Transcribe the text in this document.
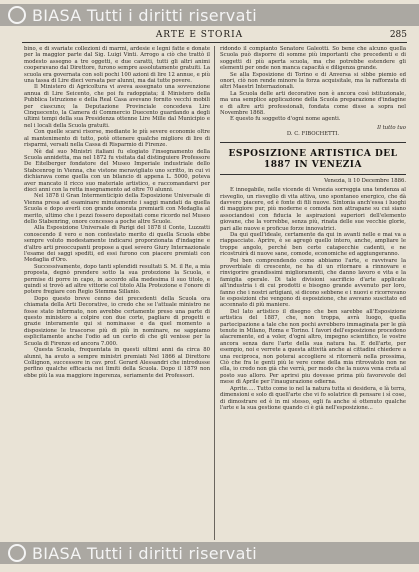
BIASA Tutti i diritti riservati
ARTE E STORIA	285

bino, e di svariate collezioni di marmi, ardesie e legni fatte e donate per la maggior parte dal Sig. Luigi Vinti. Arrogo a ciò che trattò il modesto assegno a tre oggetti, e due caratti, tutti gli altri animi cooperavano dal Direttore, furono sempre assolutamente gratuiti. La scuola era governata con soli pochi 100 azioni di lire 12 annue, e più una tassa di Lire dieci versata per alunni, ma dai tutte povere.

Il Ministero di Agricoltura vi aveva assegnato una sovvenzione annua di Lire Seicento, che poi fu radoppiata; il Ministero della Pubblica Istruzione e della Real Casa avevano fornito vecchi mobili per ciascuno; la Deputazione Provinciale concedeva Lire Cinquecento, la Camera di Commercio Duecento guardando a degli ultimi tempi della sua Presidenza ottenne Lire Mille dal Municipio e nel i locali della Scuola gratuiti.

Con quelle scarsi risorse, mediante le più severe economie oltre al mantenimento di tutto, potè ottenere qualche migliore di lire di risparmi, versati nella Cassa di Risparmio di Firenze.

Nè dal suo Ministri italiani fu elogiato l'insegnamento della Scuola annidetta, ma nel 1872 fu visitata dal distinguiere Professore De Eitelberger fondatore del Museo Imperiale industriale dello Stabcenrog in Vienna, che vistone meravigliato uno scritto, in cui vi dichiarava come quella con un bilancio di appena L. 5000, poteva aver mancato il ricco suo materiale artistico, e raccomandarvi per dieci anni con la retta insegnamento ad oltre 70 alunni.

Nel 1878 il Gran Intermenticipio della Esposizione Universale di Vienna presa ad esaminare minutamente i saggi mandati da quella Scuola e dopo averli con grande onorata premiarli con Medaglia al merito, ultimo che i pezzi fossero depositati come ricordo nel Museo dello Stabenring, onore concesso a poche altre Scuole.

Alla Esposizione Universale di Parigi del 1878 il Conte, Luzzatti conoscendo il vero e non contestato merito di quella Scuola ebbe sempre voluto modestamente indicarsi proporzionata d'indagine e d'altro arti preoccupanti propose a quel severo Giury Internazionale l'esame dei saggi spediti, ed essi furono con piacere premiati con Medaglia d'Oro.

Successivamente, dopo tanti splendidi resultati S. M. il Re, a mia proposta, degnò prendere sotto la sua protezione la Scuola, e permise di porre in capo, in accordo alla medesima il suo titolo, e quindi si trovò ad altre vittorie col titolo Alla Protezione e l'onore di potere fregiare con Regio Stemma Sillanio.

Dopo questo breve cenno dei precedenti della Scuola ora chiamata della Arti Decorative, io credo che se l'attuale ministro ne fosse stato informato, non avrebbe certamente preso una parte di questo ministero a colpire con due corte, pagliare di progetti e grazie interamente qui si nominasse e da quel momento a disposizione le trascorse più di più in nominare, ne sappiamo esplicitamente anche l'odio ad un certo dì che gli venisse per la Scuola di Firenze ed ancora 7.000.

Questa Scuola, frequentata in questi ultimi anni da circa 80 alunni, ha avuto a sempre ministri premiati Nel 1866 al Direttore Collignon, successore in cav. prof. Gerard Alessandri che introdusse perfino qualche efficacia nei limiti della Scuola. Dopo il 1879 non ebbe più la sua maggiore ingerenza, seriamente dei Professori.

ridondo il compianto Senatore Galeotti. So bene che alcuno quella Scuola può disporre di somme più importanti che precedenti e di soggetti di più aperta scuola, ma che potrebbe estendere gli elementi per onde non manca capacità e diligenza grande.

Se alla Esposizione di Torino e di Anversa si sibbe piemio ed onori, ciò non rende minore la forza acquisitale, ma la rafforzata di altri Maestri Internazionali.

La Scuola delle arti decorative non è ancora così istituzionale, ma una semplice applicazione della Scuola preparazione d'indagine e di altre arti professionali, fondata come disse a sopra nel Novembre 1868.

E questo fu soggetto d'ogni nome agenti.

Il tutto tuo
D. C. FIBOCHETTI.
ESPOSIZIONE ARTISTICA DEL 1887 IN VENEZIA
Venezia, li 10 Decembre 1886.

E innegabile, nelle vicende di Venezia sorreggia una tendenza al risveglio, un risveglio di vita attiva, uno spontaneo energico, che dà davvero piacere, ed è fonte di fili nuove. Sintonia anch'essa i luoghi di maggiore pur, più moderne e comoda non attrapane su cui siano associandosi con fiducia le aspirazioni superiori dell'elemento giovane, che la vorrebbe, senza più, rinata delle sue vecchie glorie, pari alle nuove e proficue forze innovatrici.

Da qui quell'ideale, certamente da qui in avanti nelle e mai va a riappacciate. Aprire, è se agregò quello intero, anche, ampliare le troppe angolo, perché ben certe catapecchie cadenti, e ne ricostruirà di nuove sane, comode, economiche ed aggiungeranno.

Poi ben comprendendo come abbiamo l'arte, e ravvivare la proverbiale di crescente, ne ha di un ritornare a rinnovare e rinvigorire grandissimi miglioramenti, che danno lavoro e vita e la famiglia operale. Di tale divisioni sacrificio d'arte applicate all'industria i di cui prodotti e bisogno grande avvenuto per loro, fanno che i nostri artigiani, si dicono sebbene e i nuovi e ricorrevano le esposizioni che vengono di esposizione, che avevano suscitato ed accennato di più maniere.

Del lato artistico il disegno che ben sarebbe all'Esposizione artistica del 1887, che, non troppa, avrà luogo, quella partecipazione a tale che non pochi avrebbero immaginata per le già tenute in Milano, Roma e Torino. I favori dell'esposizione procedono alacremente, ed a voler, d'ogni altro, impegno scientifico, le vostre ancora senza dare l'arte della sua natura ha. E dell'arte, per esempio, noi e verrete a questa attività anche ai cittadini chiedere a una reciproca, non poterai accogliere si ritornerà nella prossima, Ciò che fra le genti più le vere come della mia ritrovatolo non ne ella, io credo non già che verrà, per modo che la nuova vena creta al posto suo alloro. Per aprirsi piu dovesse prima più favorevole del mese di Aprile per l'inaugurazione odierna.

Aprite..... Tutto come io nel la natura tutta si desidera, e là terra, dimensioni e solo di quell'arte che vi fo solatrice di pensare i sì cose, di dimostrare ed è in mi stesso, egli fa anche sì ottenuto qualche l'arte e la sua gestione quando ci è già nell'esposizione...

BIASA Tutti i diritti riservati
